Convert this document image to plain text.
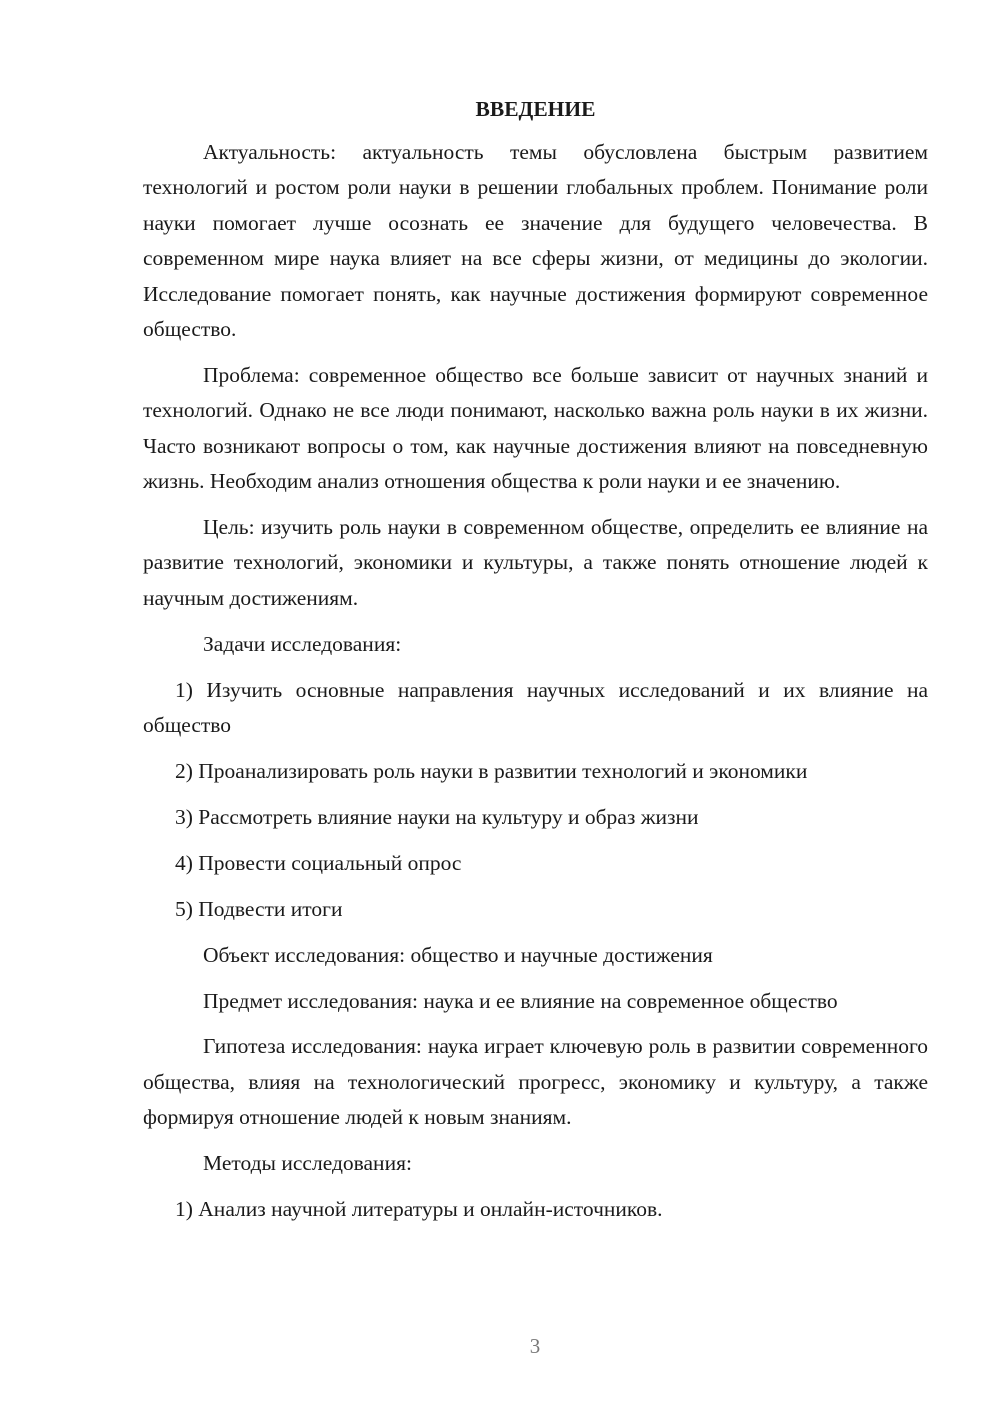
ВВЕДЕНИЕ

Актуальность: актуальность темы обусловлена быстрым развитием технологий и ростом роли науки в решении глобальных проблем. Понимание роли науки помогает лучше осознать ее значение для будущего человечества. В современном мире наука влияет на все сферы жизни, от медицины до экологии. Исследование помогает понять, как научные достижения формируют современное общество.

Проблема: современное общество все больше зависит от научных знаний и технологий. Однако не все люди понимают, насколько важна роль науки в их жизни. Часто возникают вопросы о том, как научные достижения влияют на повседневную жизнь. Необходим анализ отношения общества к роли науки и ее значению.

Цель: изучить роль науки в современном обществе, определить ее влияние на развитие технологий, экономики и культуры, а также понять отношение людей к научным достижениям.

Задачи исследования:

1) Изучить основные направления научных исследований и их влияние на общество

2) Проанализировать роль науки в развитии технологий и экономики

3) Рассмотреть влияние науки на культуру и образ жизни

4) Провести социальный опрос

5) Подвести итоги

Объект исследования: общество и научные достижения

Предмет исследования: наука и ее влияние на современное общество

Гипотеза исследования: наука играет ключевую роль в развитии современного общества, влияя на технологический прогресс, экономику и культуру, а также формируя отношение людей к новым знаниям.

Методы исследования:

1) Анализ научной литературы и онлайн-источников.

3
